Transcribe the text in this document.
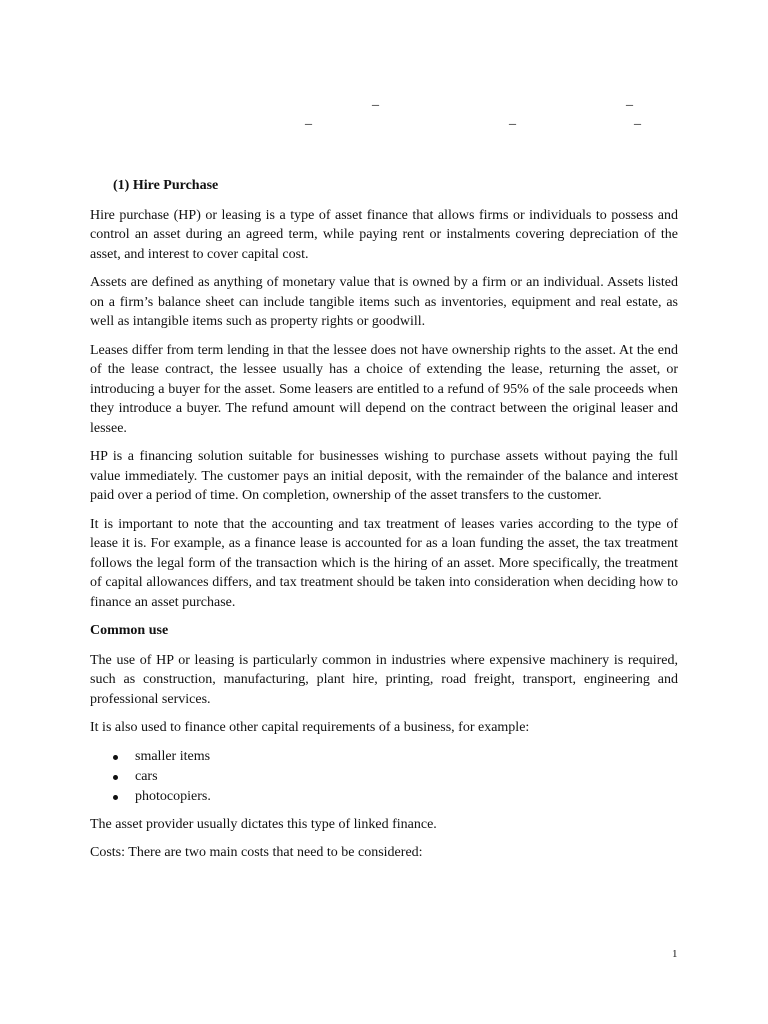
_	_
_	_	_
(1) Hire Purchase

Hire purchase (HP) or leasing is a type of asset finance that allows firms or individuals to possess and control an asset during an agreed term, while paying rent or instalments covering depreciation of the asset, and interest to cover capital cost.

Assets are defined as anything of monetary value that is owned by a firm or an individual. Assets listed on a firm’s balance sheet can include tangible items such as inventories, equipment and real estate, as well as intangible items such as property rights or goodwill.

Leases differ from term lending in that the lessee does not have ownership rights to the asset. At the end of the lease contract, the lessee usually has a choice of extending the lease, returning the asset, or introducing a buyer for the asset. Some leasers are entitled to a refund of 95% of the sale proceeds when they introduce a buyer. The refund amount will depend on the contract between the original leaser and lessee.

HP is a financing solution suitable for businesses wishing to purchase assets without paying the full value immediately. The customer pays an initial deposit, with the remainder of the balance and interest paid over a period of time. On completion, ownership of the asset transfers to the customer.

It is important to note that the accounting and tax treatment of leases varies according to the type of lease it is. For example, as a finance lease is accounted for as a loan funding the asset, the tax treatment follows the legal form of the transaction which is the hiring of an asset. More specifically, the treatment of capital allowances differs, and tax treatment should be taken into consideration when deciding how to finance an asset purchase.

Common use

The use of HP or leasing is particularly common in industries where expensive machinery is required, such as construction, manufacturing, plant hire, printing, road freight, transport, engineering and professional services.

It is also used to finance other capital requirements of a business, for example:

smaller items
cars
photocopiers.

The asset provider usually dictates this type of linked finance.

Costs: There are two main costs that need to be considered:

1
